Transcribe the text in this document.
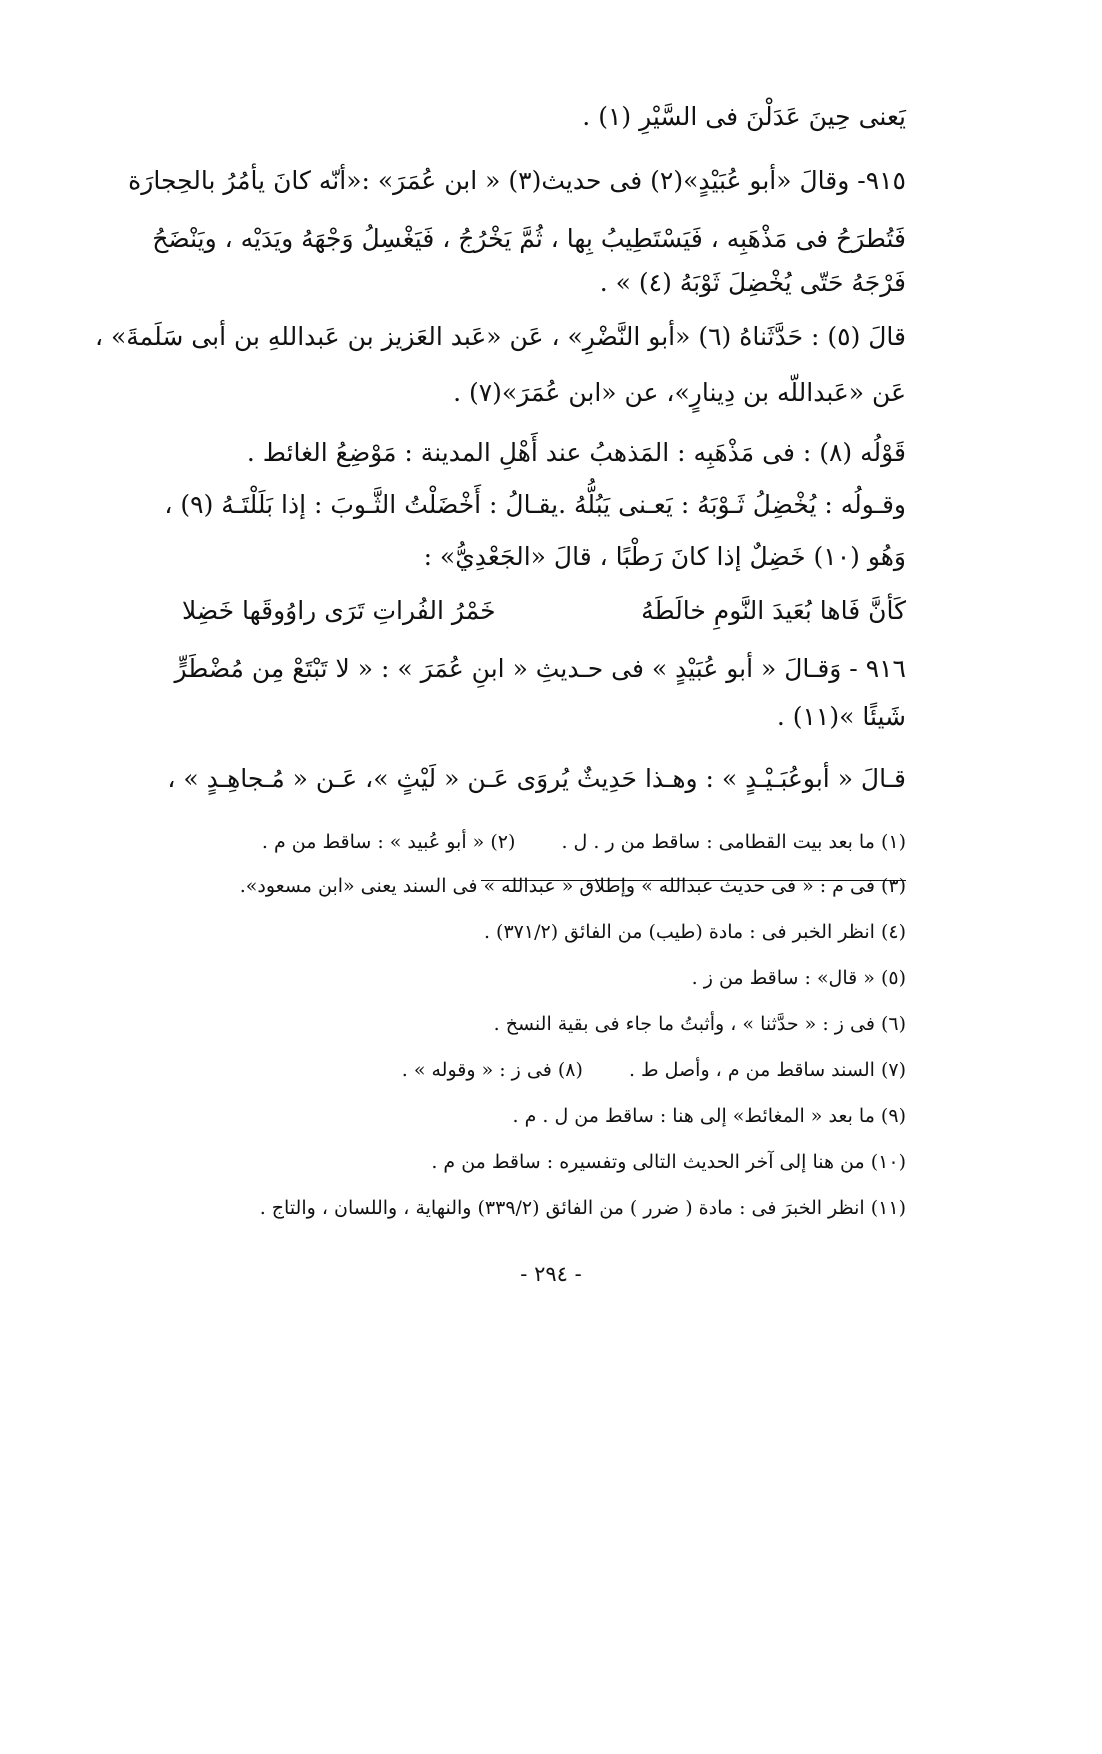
يَعنى حِينَ عَدَلْنَ فى السَّيْرِ (١) .
٩١٥- وقالَ «أبو عُبَيْدٍ»(٢) فى حديث(٣) « ابن عُمَرَ» :«أنّه كانَ يأمُرُ بالحِجارَة
فَتُطرَحُ فى مَذْهَبِه ، فَيَسْتَطِيبُ بِها ، ثُمَّ يَخْرُجُ ، فَيَغْسِلُ وَجْهَهُ ويَدَيْه ، ويَنْضَحُ
فَرْجَهُ حَتّى يُخْضِلَ ثَوْبَهُ (٤) » .
قالَ (٥) : حَدَّثَناهُ (٦) «أبو النَّضْرِ» ، عَن «عَبد العَزيز بن عَبداللهِ بن أبى سَلَمةَ» ،
عَن «عَبداللّه بن دِينارٍ»، عن «ابن عُمَرَ»(٧) .
قَوْلُه (٨) : فى مَذْهَبِه : المَذهبُ عند أَهْلِ المدينة : مَوْضِعُ الغائط .
وقـولُه : يُخْضِلُ ثَـوْبَهُ : يَعـنى يَبُلُّهُ .يقـالُ : أَخْضَلْتُ الثَّـوبَ : إذا بَلَلْتَـهُ (٩) ،
وَهُو (١٠) خَضِلٌ إذا كانَ رَطْبًا ، قالَ «الجَعْدِيُّ» :
كَأنَّ فَاها بُعَيدَ النَّومِ خالَطَهُ
خَمْرُ الفُراتِ تَرَى راوُوقَها خَضِلا
٩١٦ - وَقـالَ « أبو عُبَيْدٍ » فى حـديثِ « ابنِ عُمَرَ » : « لا تَبْتَعْ مِن مُضْطَرٍّ
شَيئًا »(١١) .
قـالَ « أبوعُبَـيْـدٍ » : وهـذا حَدِيثٌ يُروَى عَـن « لَيْثٍ »، عَـن « مُـجاهِـدٍ » ،
(١) ما بعد بيت القطامى : ساقط من ر . ل . (٢) « أبو عُبيد » : ساقط من م .
(٣) فى م : « فى حديث عبدالله » وإطلاق « عبدالله » فى السند يعنى «ابن مسعود».
(٤) انظر الخبر فى : مادة (طيب) من الفائق (٣٧١/٢) .
(٥) « قال» : ساقط من ز .
(٦) فى ز : « حدَّثنا » ، وأثبتُ ما جاء فى بقية النسخ .
(٧) السند ساقط من م ، وأصل ط . (٨) فى ز : « وقوله » .
(٩) ما بعد « المغائط» إلى هنا : ساقط من ل . م .
(١٠) من هنا إلى آخر الحديث التالى وتفسيره : ساقط من م .
(١١) انظر الخبرَ فى : مادة ( ضرر ) من الفائق (٣٣٩/٢) والنهاية ، واللسان ، والتاج .
- ٢٩٤ -
